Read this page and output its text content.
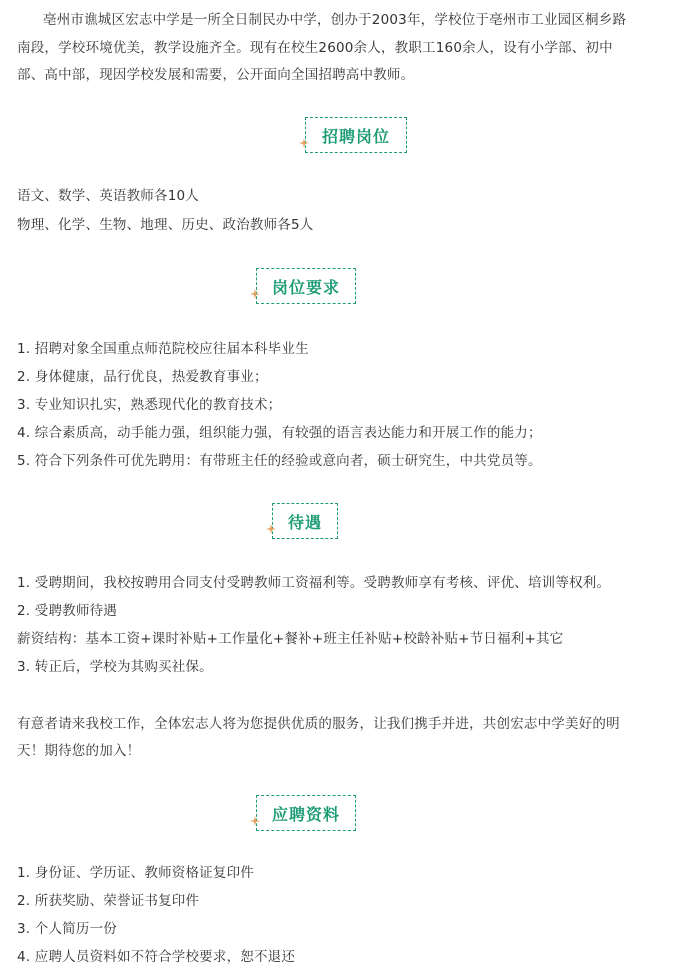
亳州市谯城区宏志中学是一所全日制民办中学，创办于2003年，学校位于亳州市工业园区桐乡路

南段，学校环境优美，教学设施齐全。现有在校生2600余人，教职工160余人，设有小学部、初中

部、高中部，现因学校发展和需要，公开面向全国招聘高中教师。

招聘岗位

语文、数学、英语教师各10人

物理、化学、生物、地理、历史、政治教师各5人

岗位要求

1. 招聘对象全国重点师范院校应往届本科毕业生

2. 身体健康，品行优良，热爱教育事业；

3. 专业知识扎实，熟悉现代化的教育技术；

4. 综合素质高，动手能力强，组织能力强，有较强的语言表达能力和开展工作的能力；

5. 符合下列条件可优先聘用：有带班主任的经验或意向者，硕士研究生，中共党员等。

待遇

1. 受聘期间，我校按聘用合同支付受聘教师工资福利等。受聘教师享有考核、评优、培训等权利。

2. 受聘教师待遇

薪资结构：基本工资+课时补贴+工作量化+餐补+班主任补贴+校龄补贴+节日福利+其它

3. 转正后，学校为其购买社保。

有意者请来我校工作，全体宏志人将为您提供优质的服务，让我们携手并进，共创宏志中学美好的明

天！期待您的加入！

应聘资料

1. 身份证、学历证、教师资格证复印件

2. 所获奖励、荣誉证书复印件

3. 个人简历一份

4. 应聘人员资料如不符合学校要求，恕不退还
